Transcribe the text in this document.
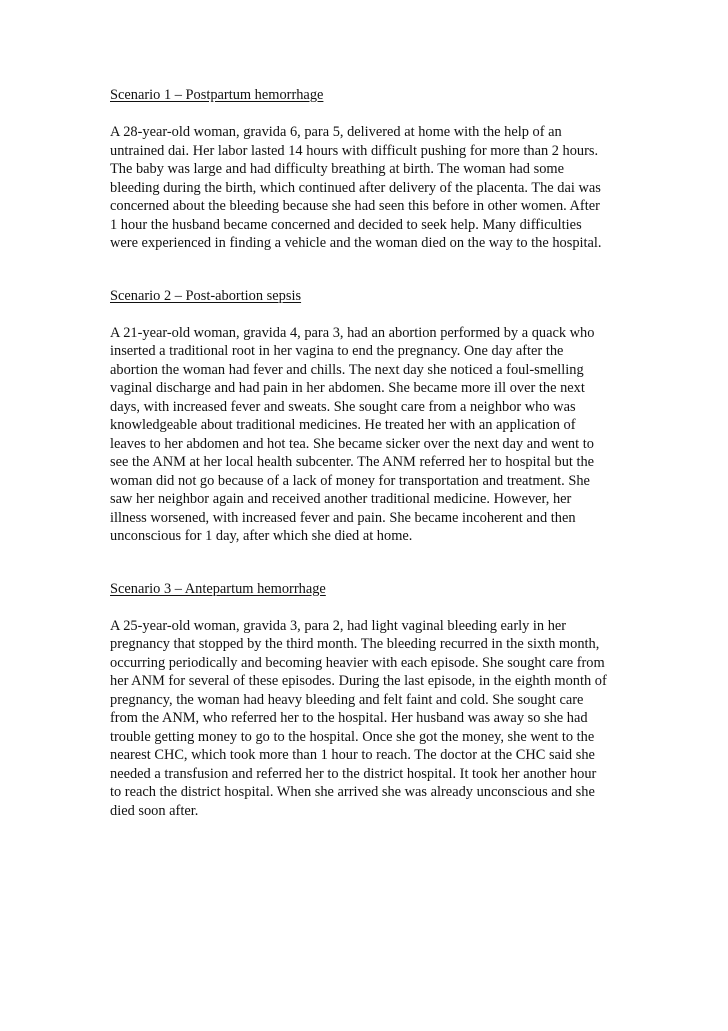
Scenario 1 – Postpartum hemorrhage

A 28-year-old woman, gravida 6, para 5, delivered at home with the help of an
untrained dai. Her labor lasted 14 hours with difficult pushing for more than 2 hours.
The baby was large and had difficulty breathing at birth. The woman had some
bleeding during the birth, which continued after delivery of the placenta. The dai was
concerned about the bleeding because she had seen this before in other women. After
1 hour the husband became concerned and decided to seek help. Many difficulties
were experienced in finding a vehicle and the woman died on the way to the hospital.

Scenario 2 – Post-abortion sepsis

A 21-year-old woman, gravida 4, para 3, had an abortion performed by a quack who
inserted a traditional root in her vagina to end the pregnancy. One day after the
abortion the woman had fever and chills. The next day she noticed a foul-smelling
vaginal discharge and had pain in her abdomen. She became more ill over the next
days, with increased fever and sweats. She sought care from a neighbor who was
knowledgeable about traditional medicines. He treated her with an application of
leaves to her abdomen and hot tea. She became sicker over the next day and went to
see the ANM at her local health subcenter. The ANM referred her to hospital but the
woman did not go because of a lack of money for transportation and treatment. She
saw her neighbor again and received another traditional medicine. However, her
illness worsened, with increased fever and pain. She became incoherent and then
unconscious for 1 day, after which she died at home.

Scenario 3 – Antepartum hemorrhage

A 25-year-old woman, gravida 3, para 2, had light vaginal bleeding early in her
pregnancy that stopped by the third month. The bleeding recurred in the sixth month,
occurring periodically and becoming heavier with each episode. She sought care from
her ANM for several of these episodes. During the last episode, in the eighth month of
pregnancy, the woman had heavy bleeding and felt faint and cold. She sought care
from the ANM, who referred her to the hospital. Her husband was away so she had
trouble getting money to go to the hospital. Once she got the money, she went to the
nearest CHC, which took more than 1 hour to reach. The doctor at the CHC said she
needed a transfusion and referred her to the district hospital. It took her another hour
to reach the district hospital. When she arrived she was already unconscious and she
died soon after.
